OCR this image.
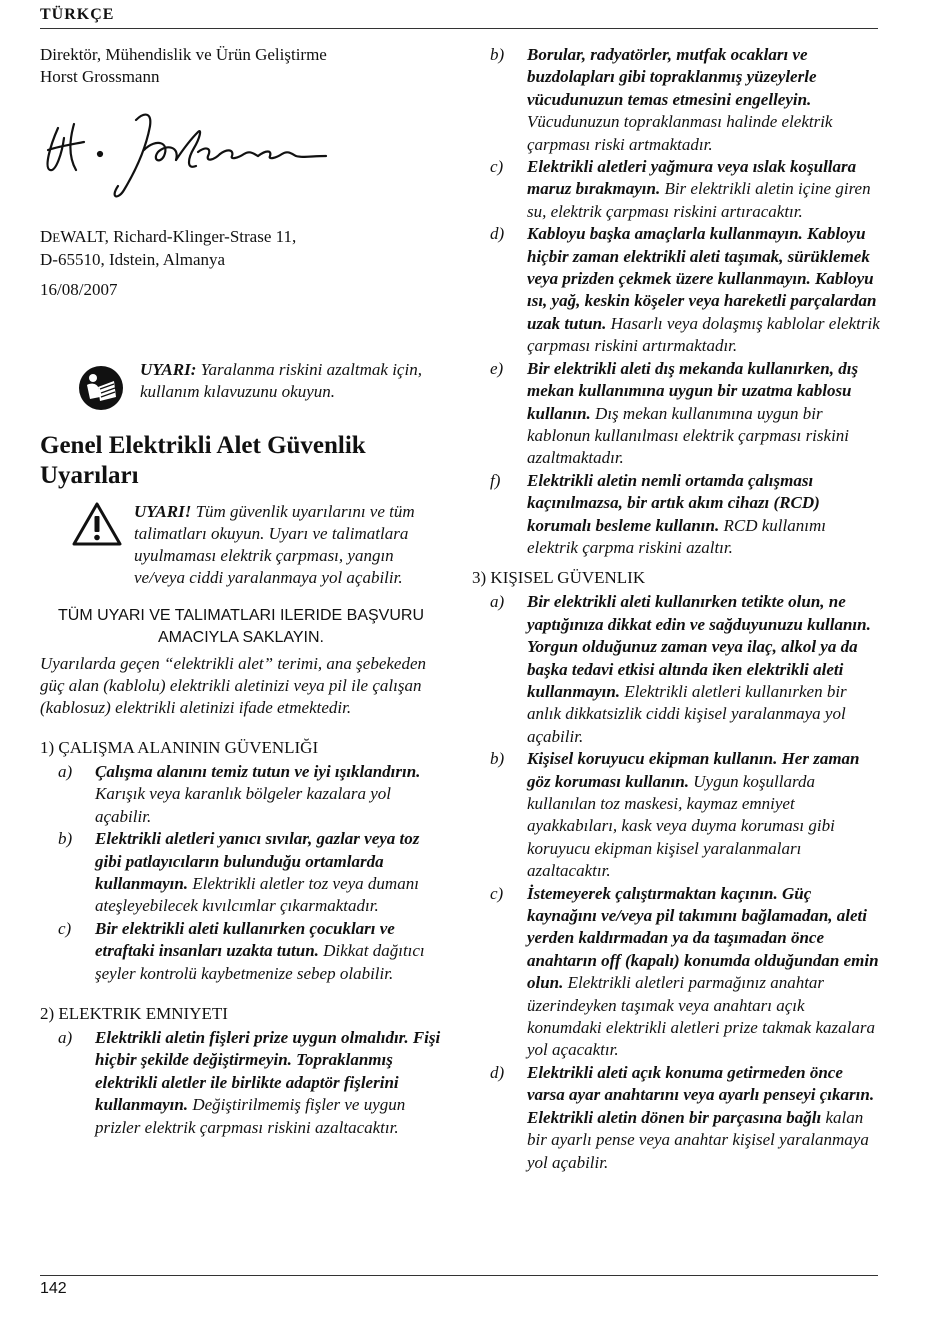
TÜRKÇE

Direktör, Mühendislik ve Ürün Geliştirme

Horst Grossmann

DEWALT, Richard-Klinger-Strase 11,

D-65510, Idstein, Almanya

16/08/2007

UYARI: Yaralanma riskini azaltmak için, kullanım kılavuzunu okuyun.
Genel Elektrikli Alet Güvenlik Uyarıları
UYARI! Tüm güvenlik uyarılarını ve tüm talimatları okuyun. Uyarı ve talimatlara uyulmaması elektrik çarpması, yangın ve/veya ciddi yaralanmaya yol açabilir.

TÜM UYARI VE TALIMATLARI ILERIDE BAŞVURU AMACIYLA SAKLAYIN.

Uyarılarda geçen “elektrikli alet” terimi, ana şebekeden güç alan (kablolu) elektrikli aletinizi veya pil ile çalışan (kablosuz) elektrikli aletinizi ifade etmektedir.

1) ÇALIŞMA ALANININ GÜVENLIĞI

a)	Çalışma alanını temiz tutun ve iyi ışıklandırın. Karışık veya karanlık bölgeler kazalara yol açabilir.
b)	Elektrikli aletleri yanıcı sıvılar, gazlar veya toz gibi patlayıcıların bulunduğu ortamlarda kullanmayın. Elektrikli aletler toz veya dumanı ateşleyebilecek kıvılcımlar çıkarmaktadır.
c)	Bir elektrikli aleti kullanırken çocukları ve etraftaki insanları uzakta tutun. Dikkat dağıtıcı şeyler kontrolü kaybetmenize sebep olabilir.

2) ELEKTRIK EMNIYETI

a)	Elektrikli aletin fişleri prize uygun olmalıdır. Fişi hiçbir şekilde değiştirmeyin. Topraklanmış elektrikli aletler ile birlikte adaptör fişlerini kullanmayın. Değiştirilmemiş fişler ve uygun prizler elektrik çarpması riskini azaltacaktır.
b)	Borular, radyatörler, mutfak ocakları ve buzdolapları gibi topraklanmış yüzeylerle vücudunuzun temas etmesini engelleyin. Vücudunuzun topraklanması halinde elektrik çarpması riski artmaktadır.
c)	Elektrikli aletleri yağmura veya ıslak koşullara maruz bırakmayın. Bir elektrikli aletin içine giren su, elektrik çarpması riskini artıracaktır.
d)	Kabloyu başka amaçlarla kullanmayın. Kabloyu hiçbir zaman elektrikli aleti taşımak, sürüklemek veya prizden çekmek üzere kullanmayın. Kabloyu ısı, yağ, keskin köşeler veya hareketli parçalardan uzak tutun. Hasarlı veya dolaşmış kablolar elektrik çarpması riskini artırmaktadır.
e)	Bir elektrikli aleti dış mekanda kullanırken, dış mekan kullanımına uygun bir uzatma kablosu kullanın. Dış mekan kullanımına uygun bir kablonun kullanılması elektrik çarpması riskini azaltmaktadır.
f)	Elektrikli aletin nemli ortamda çalışması kaçınılmazsa, bir artık akım cihazı (RCD) korumalı besleme kullanın. RCD kullanımı elektrik çarpma riskini azaltır.

3) KIŞISEL GÜVENLIK

a)	Bir elektrikli aleti kullanırken tetikte olun, ne yaptığınıza dikkat edin ve sağduyunuzu kullanın. Yorgun olduğunuz zaman veya ilaç, alkol ya da başka tedavi etkisi altında iken elektrikli aleti kullanmayın. Elektrikli aletleri kullanırken bir anlık dikkatsizlik ciddi kişisel yaralanmaya yol açabilir.
b)	Kişisel koruyucu ekipman kullanın. Her zaman göz koruması kullanın. Uygun koşullarda kullanılan toz maskesi, kaymaz emniyet ayakkabıları, kask veya duyma koruması gibi koruyucu ekipman kişisel yaralanmaları azaltacaktır.
c)	İstemeyerek çalıştırmaktan kaçının. Güç kaynağını ve/veya pil takımını bağlamadan, aleti yerden kaldırmadan ya da taşımadan önce anahtarın off (kapalı) konumda olduğundan emin olun. Elektrikli aletleri parmağınız anahtar üzerindeyken taşımak veya anahtarı açık konumdaki elektrikli aletleri prize takmak kazalara yol açacaktır.
d)	Elektrikli aleti açık konuma getirmeden önce varsa ayar anahtarını veya ayarlı penseyi çıkarın. Elektrikli aletin dönen bir parçasına bağlı kalan bir ayarlı pense veya anahtar kişisel yaralanmaya yol açabilir.
142
